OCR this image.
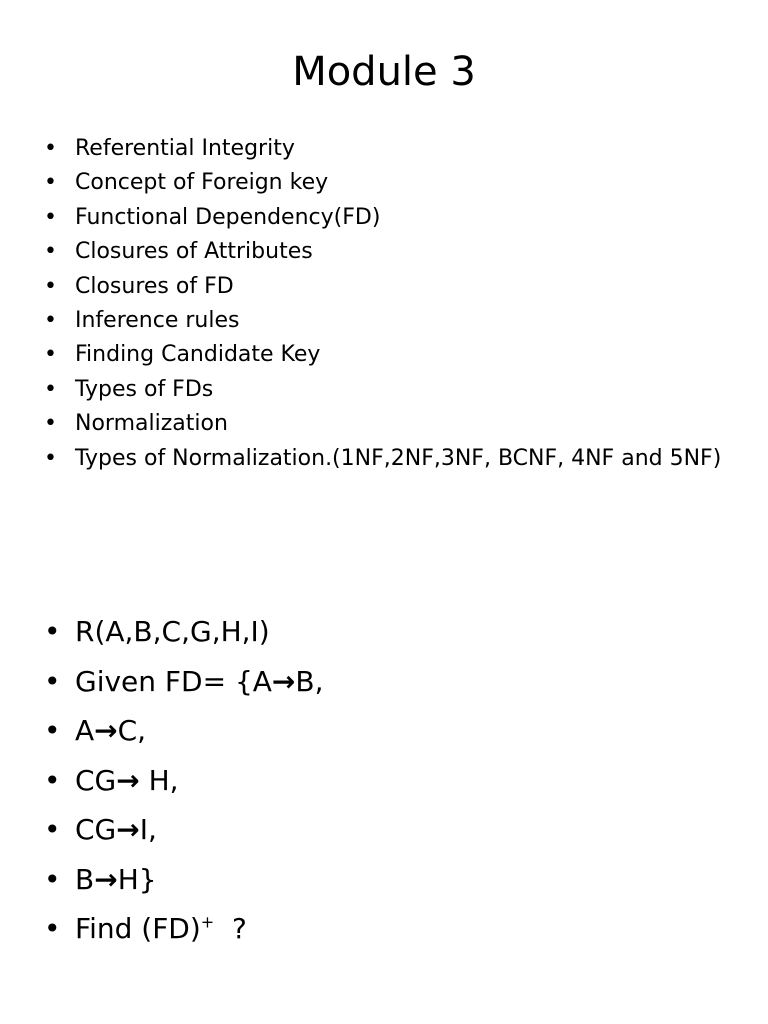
Module 3
• Referential Integrity
• Concept of Foreign key
• Functional Dependency(FD)
• Closures of Attributes
• Closures of FD
• Inference rules
• Finding Candidate Key
• Types of FDs
• Normalization
• Types of Normalization.(1NF,2NF,3NF, BCNF, 4NF and 5NF)
• R(A,B,C,G,H,I)
• Given FD= {A→B,
• A→C,
• CG→ H,
• CG→I,
• B→H}
• Find (FD)+  ?
